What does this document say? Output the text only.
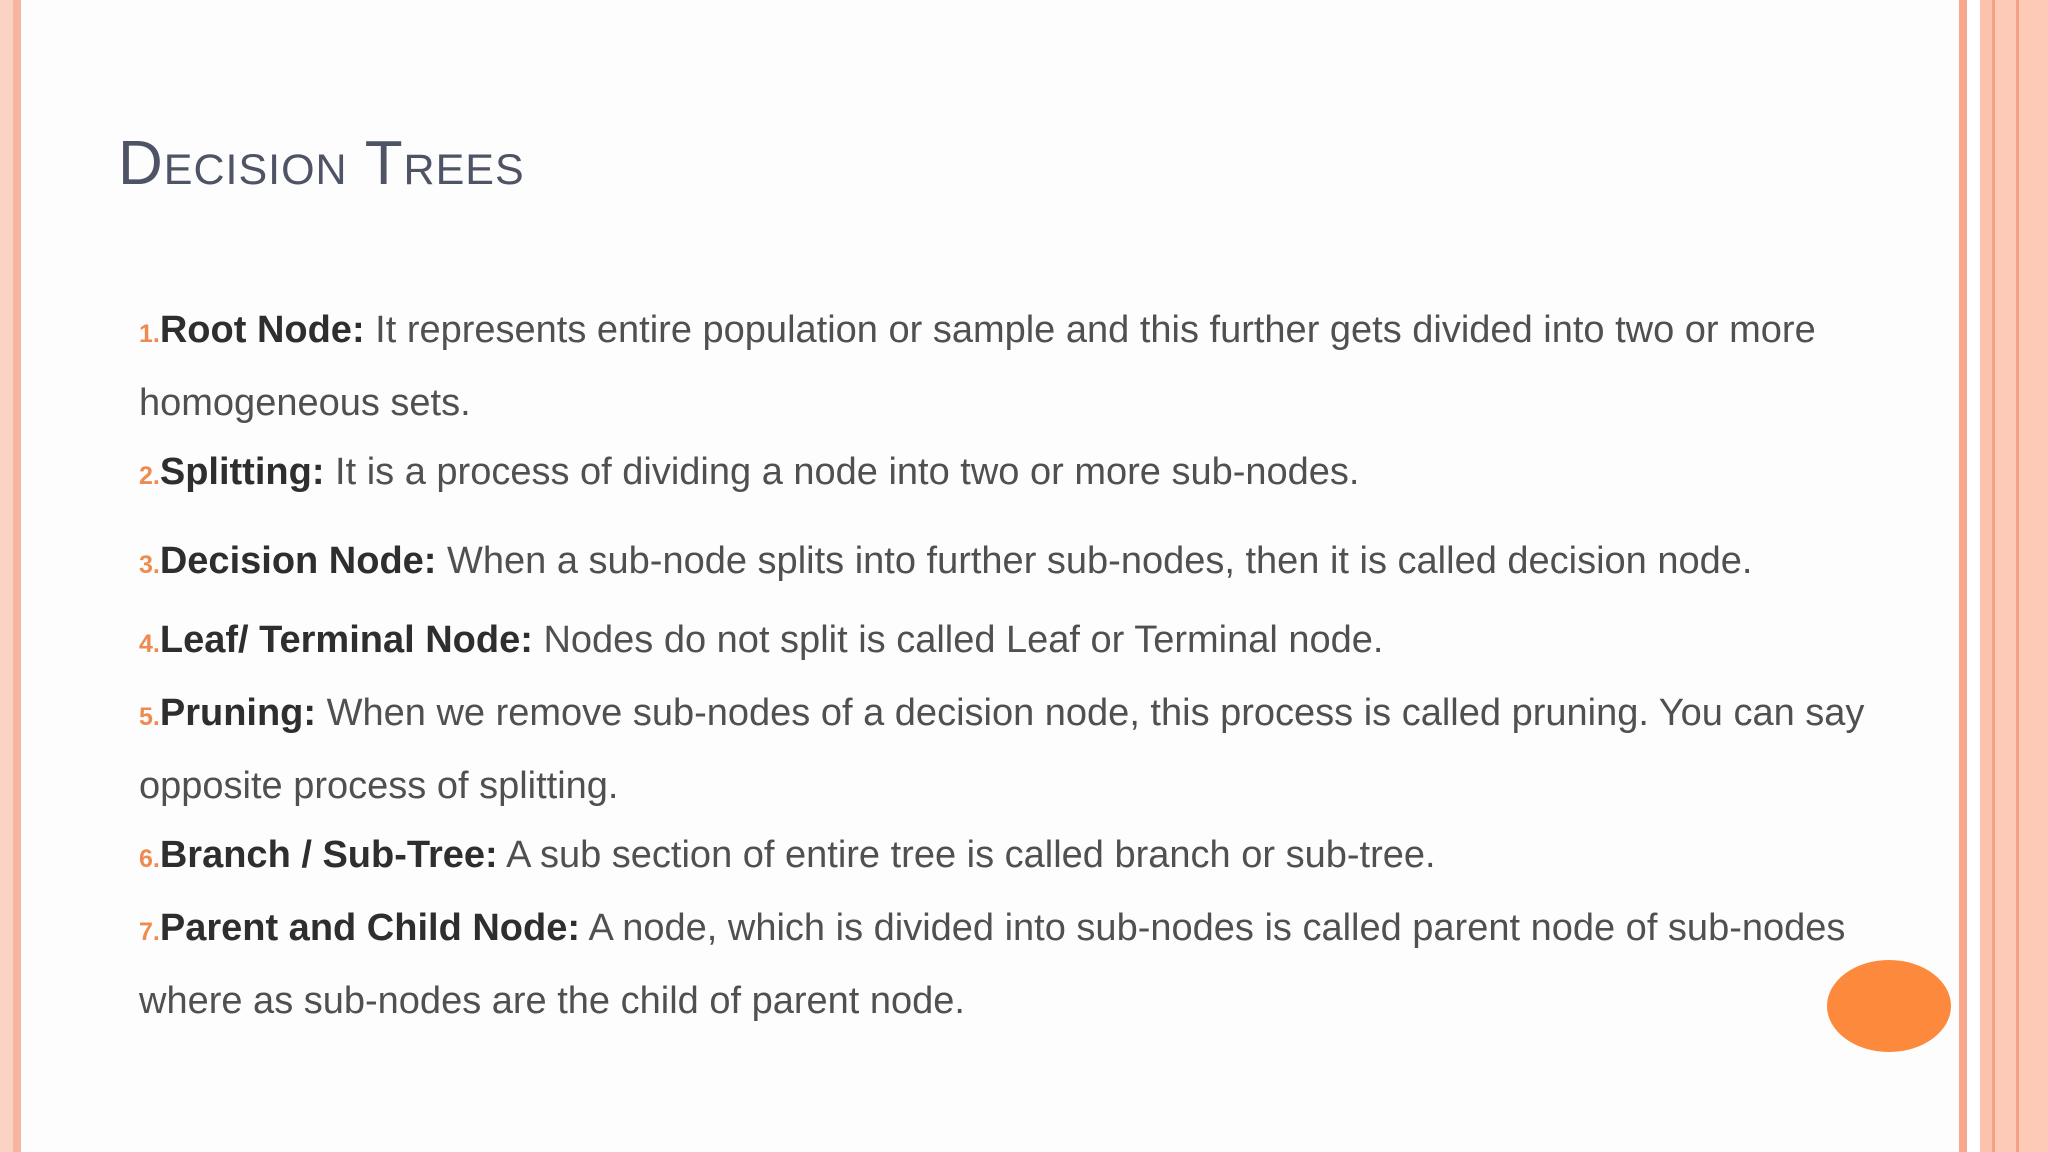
Decision Trees

1.Root Node: It represents entire population or sample and this further gets divided into two or more homogeneous sets.

2.Splitting: It is a process of dividing a node into two or more sub-nodes.

3.Decision Node: When a sub-node splits into further sub-nodes, then it is called decision node.

4.Leaf/ Terminal Node: Nodes do not split is called Leaf or Terminal node.

5.Pruning: When we remove sub-nodes of a decision node, this process is called pruning. You can say opposite process of splitting.

6.Branch / Sub-Tree: A sub section of entire tree is called branch or sub-tree.

7.Parent and Child Node: A node, which is divided into sub-nodes is called parent node of sub-nodes where as sub-nodes are the child of parent node.
